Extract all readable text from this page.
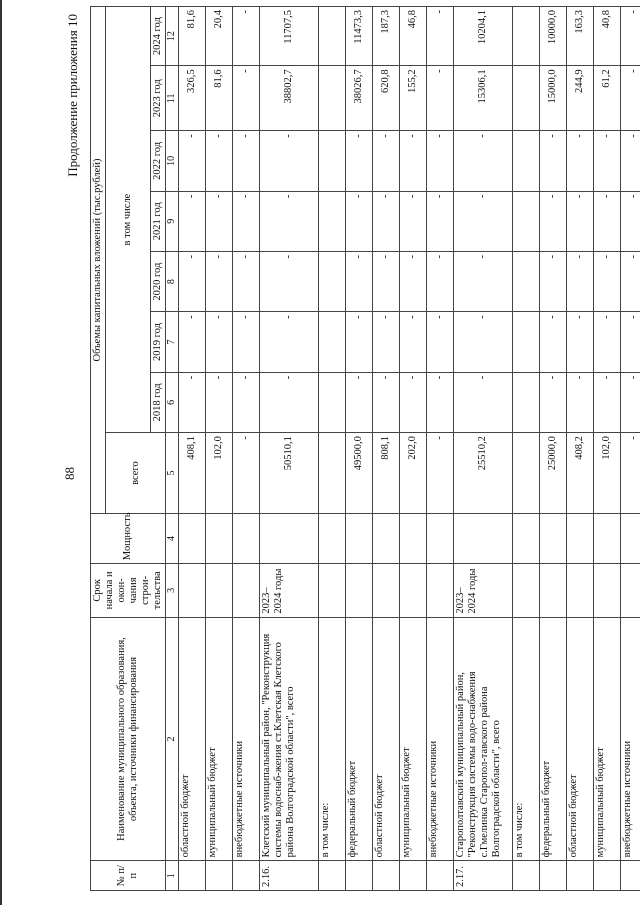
88
Продолжение приложения 10
№ п/п	Наименование муниципального образования, объекта, источники финансирования	Срок начала и окон-чания строи-тельства	Мощность	Объемы капитальных вложений (тыс.рублей)							
				всего	в том числе						
					2018 год	2019 год	2020 год	2021 год	2022 год	2023 год	2024 год
1	2	3	4	5	6	7	8	9	10	11	12
	областной бюджет			408,1	-	-	-	-	-	326,5	81,6
	муниципальный бюджет			102,0	-	-	-	-	-	81,6	20,4
	внебюджетные источники			-	-	-	-	-	-	-	-
2.16.	Клетский муниципальный район, "Реконструкция системы водоснаб-жения ст.Клетская Клетского района Волгоградской области", всего	2023–2024 годы		50510,1	-	-	-	-	-	38802,7	11707,5
	в том числе:										
	федеральный бюджет			49500,0	-	-	-	-	-	38026,7	11473,3
	областной бюджет			808,1	-	-	-	-	-	620,8	187,3
	муниципальный бюджет			202,0	-	-	-	-	-	155,2	46,8
	внебюджетные источники			-	-	-	-	-	-	-	-
2.17.	Старополтавский муниципальный район, "Реконструкция системы водо-снабжения с.Гмелинка Старопол-тавского района Волгоградской области", всего	2023–2024 годы		25510,2	-	-	-	-	-	15306,1	10204,1
	в том числе:										
	федеральный бюджет			25000,0	-	-	-	-	-	15000,0	10000,0
	областной бюджет			408,2	-	-	-	-	-	244,9	163,3
	муниципальный бюджет			102,0	-	-	-	-	-	61,2	40,8
	внебюджетные источники			-	-	-	-	-	-	-	-
